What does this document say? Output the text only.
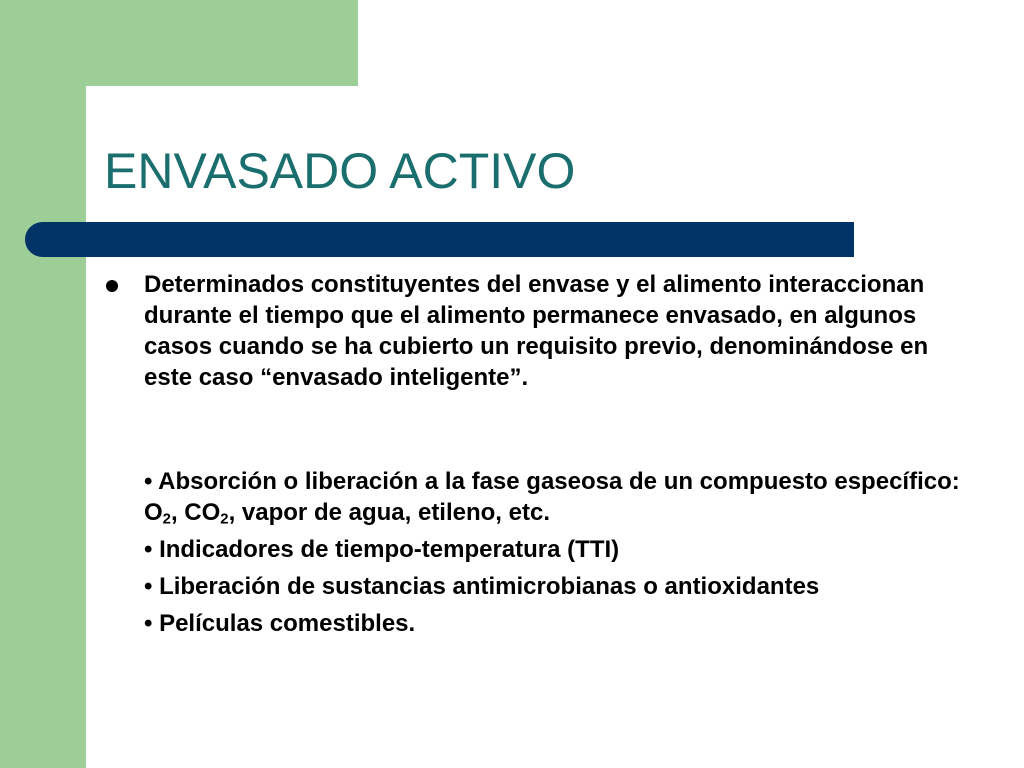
ENVASADO ACTIVO

Determinados constituyentes del envase y el alimento interaccionan durante el tiempo que el alimento permanece envasado, en algunos casos cuando se ha cubierto un requisito previo, denominándose en este caso “envasado inteligente”.

• Absorción o liberación a la fase gaseosa de un compuesto específico: $O_2$, $CO_2$, vapor de agua, etileno, etc.

• Indicadores de tiempo-temperatura (TTI)

• Liberación de sustancias antimicrobianas o antioxidantes

• Películas comestibles.
